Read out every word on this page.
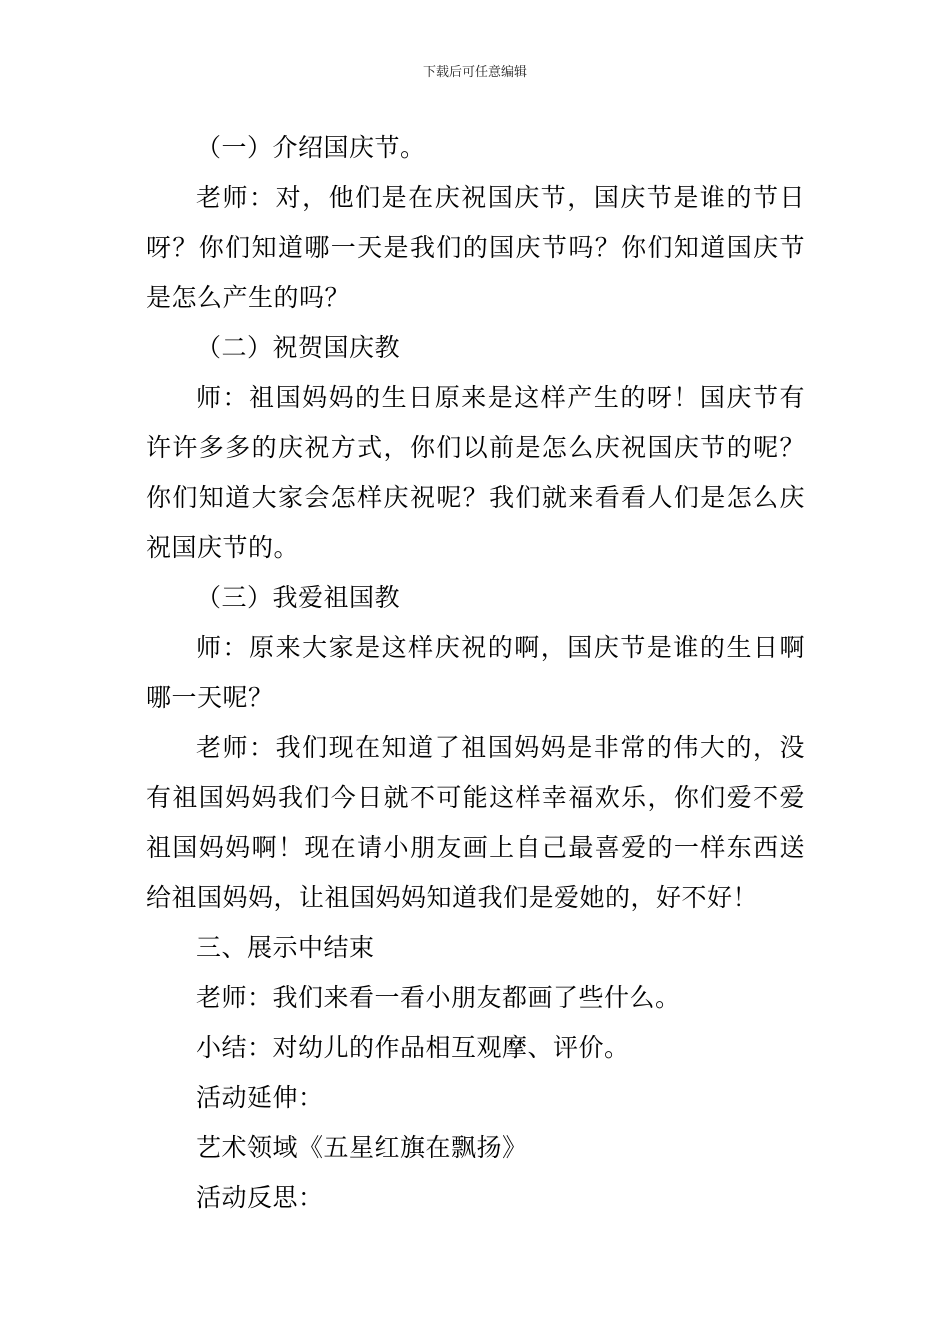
下载后可任意编辑
（一）介绍国庆节。
老师：对，他们是在庆祝国庆节，国庆节是谁的节日
呀？你们知道哪一天是我们的国庆节吗？你们知道国庆节
是怎么产生的吗？
（二）祝贺国庆教
师：祖国妈妈的生日原来是这样产生的呀！国庆节有
许许多多的庆祝方式，你们以前是怎么庆祝国庆节的呢？
你们知道大家会怎样庆祝呢？我们就来看看人们是怎么庆
祝国庆节的。
（三）我爱祖国教
师：原来大家是这样庆祝的啊，国庆节是谁的生日啊
哪一天呢？
老师：我们现在知道了祖国妈妈是非常的伟大的，没
有祖国妈妈我们今日就不可能这样幸福欢乐，你们爱不爱
祖国妈妈啊！现在请小朋友画上自己最喜爱的一样东西送
给祖国妈妈，让祖国妈妈知道我们是爱她的，好不好！
三、展示中结束
老师：我们来看一看小朋友都画了些什么。
小结：对幼儿的作品相互观摩、评价。
活动延伸：
艺术领域《五星红旗在飘扬》
活动反思：
